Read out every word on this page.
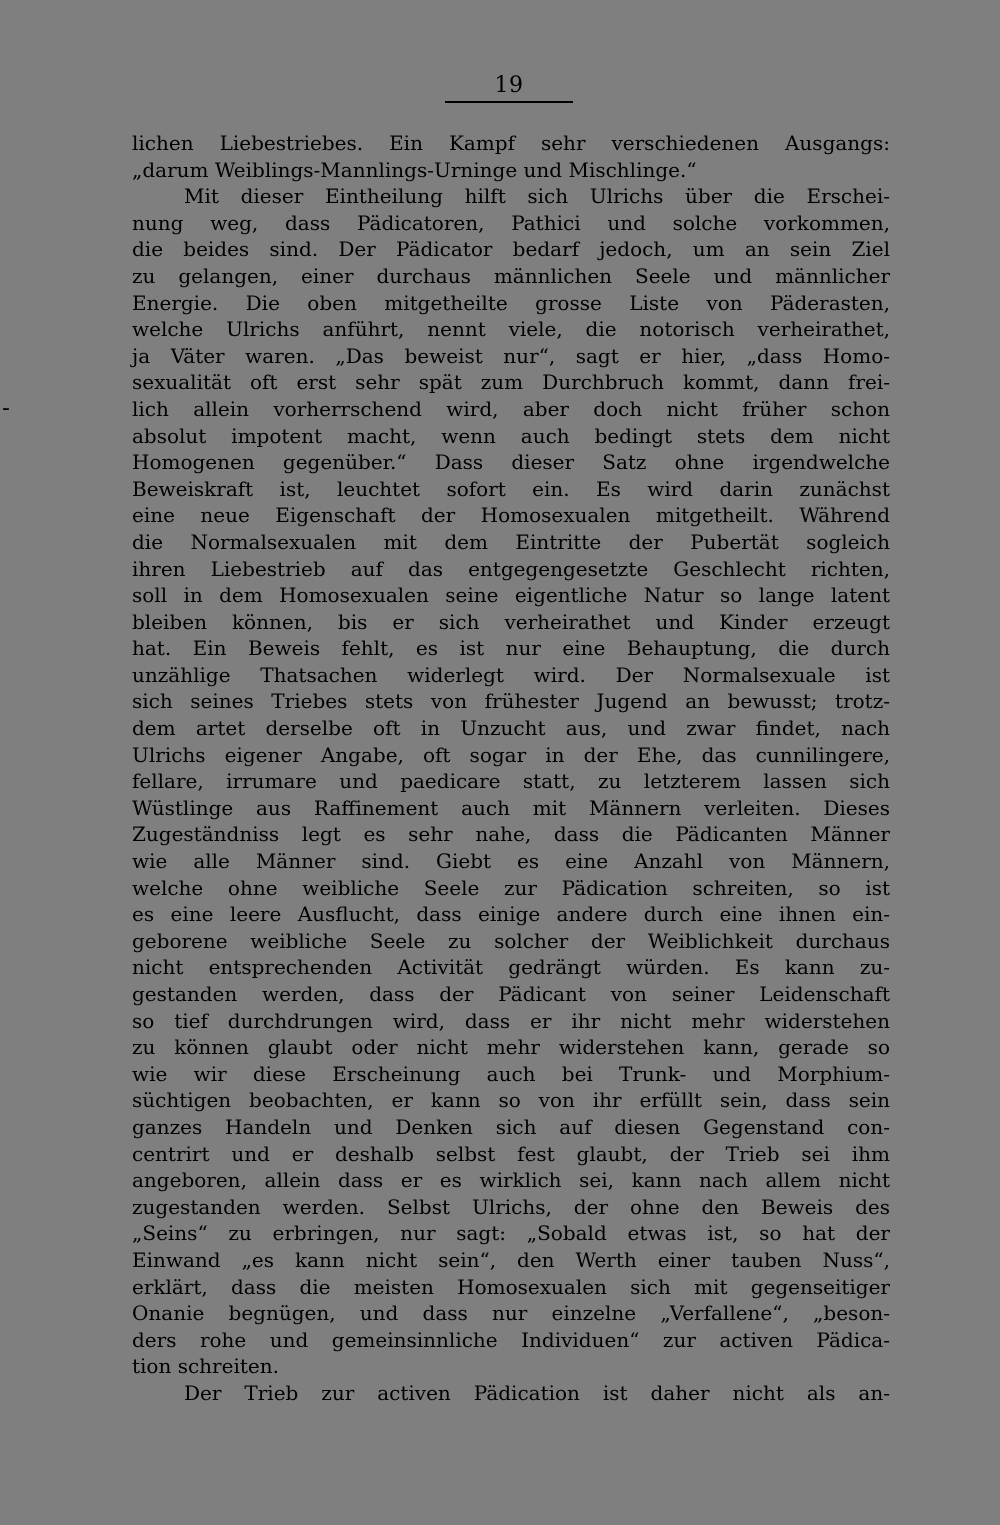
19
-
lichen Liebestriebes. Ein Kampf sehr verschiedenen Ausgangs:
„darum Weiblings-Mannlings-Urninge und Mischlinge.“
Mit dieser Eintheilung hilft sich Ulrichs über die Erschei-
nung weg, dass Pädicatoren, Pathici und solche vorkommen,
die beides sind. Der Pädicator bedarf jedoch, um an sein Ziel
zu gelangen, einer durchaus männlichen Seele und männlicher
Energie. Die oben mitgetheilte grosse Liste von Päderasten,
welche Ulrichs anführt, nennt viele, die notorisch verheirathet,
ja Väter waren. „Das beweist nur“, sagt er hier, „dass Homo-
sexualität oft erst sehr spät zum Durchbruch kommt, dann frei-
lich allein vorherrschend wird, aber doch nicht früher schon
absolut impotent macht, wenn auch bedingt stets dem nicht
Homogenen gegenüber.“ Dass dieser Satz ohne irgendwelche
Beweiskraft ist, leuchtet sofort ein. Es wird darin zunächst
eine neue Eigenschaft der Homosexualen mitgetheilt. Während
die Normalsexualen mit dem Eintritte der Pubertät sogleich
ihren Liebestrieb auf das entgegengesetzte Geschlecht richten,
soll in dem Homosexualen seine eigentliche Natur so lange latent
bleiben können, bis er sich verheirathet und Kinder erzeugt
hat. Ein Beweis fehlt, es ist nur eine Behauptung, die durch
unzählige Thatsachen widerlegt wird. Der Normalsexuale ist
sich seines Triebes stets von frühester Jugend an bewusst; trotz-
dem artet derselbe oft in Unzucht aus, und zwar findet, nach
Ulrichs eigener Angabe, oft sogar in der Ehe, das cunnilingere,
fellare, irrumare und paedicare statt, zu letzterem lassen sich
Wüstlinge aus Raffinement auch mit Männern verleiten. Dieses
Zugeständniss legt es sehr nahe, dass die Pädicanten Männer
wie alle Männer sind. Giebt es eine Anzahl von Männern,
welche ohne weibliche Seele zur Pädication schreiten, so ist
es eine leere Ausflucht, dass einige andere durch eine ihnen ein-
geborene weibliche Seele zu solcher der Weiblichkeit durchaus
nicht entsprechenden Activität gedrängt würden. Es kann zu-
gestanden werden, dass der Pädicant von seiner Leidenschaft
so tief durchdrungen wird, dass er ihr nicht mehr widerstehen
zu können glaubt oder nicht mehr widerstehen kann, gerade so
wie wir diese Erscheinung auch bei Trunk- und Morphium-
süchtigen beobachten, er kann so von ihr erfüllt sein, dass sein
ganzes Handeln und Denken sich auf diesen Gegenstand con-
centrirt und er deshalb selbst fest glaubt, der Trieb sei ihm
angeboren, allein dass er es wirklich sei, kann nach allem nicht
zugestanden werden. Selbst Ulrichs, der ohne den Beweis des
„Seins“ zu erbringen, nur sagt: „Sobald etwas ist, so hat der
Einwand „es kann nicht sein“, den Werth einer tauben Nuss“,
erklärt, dass die meisten Homosexualen sich mit gegenseitiger
Onanie begnügen, und dass nur einzelne „Verfallene“, „beson-
ders rohe und gemeinsinnliche Individuen“ zur activen Pädica-
tion schreiten.
Der Trieb zur activen Pädication ist daher nicht als an-
